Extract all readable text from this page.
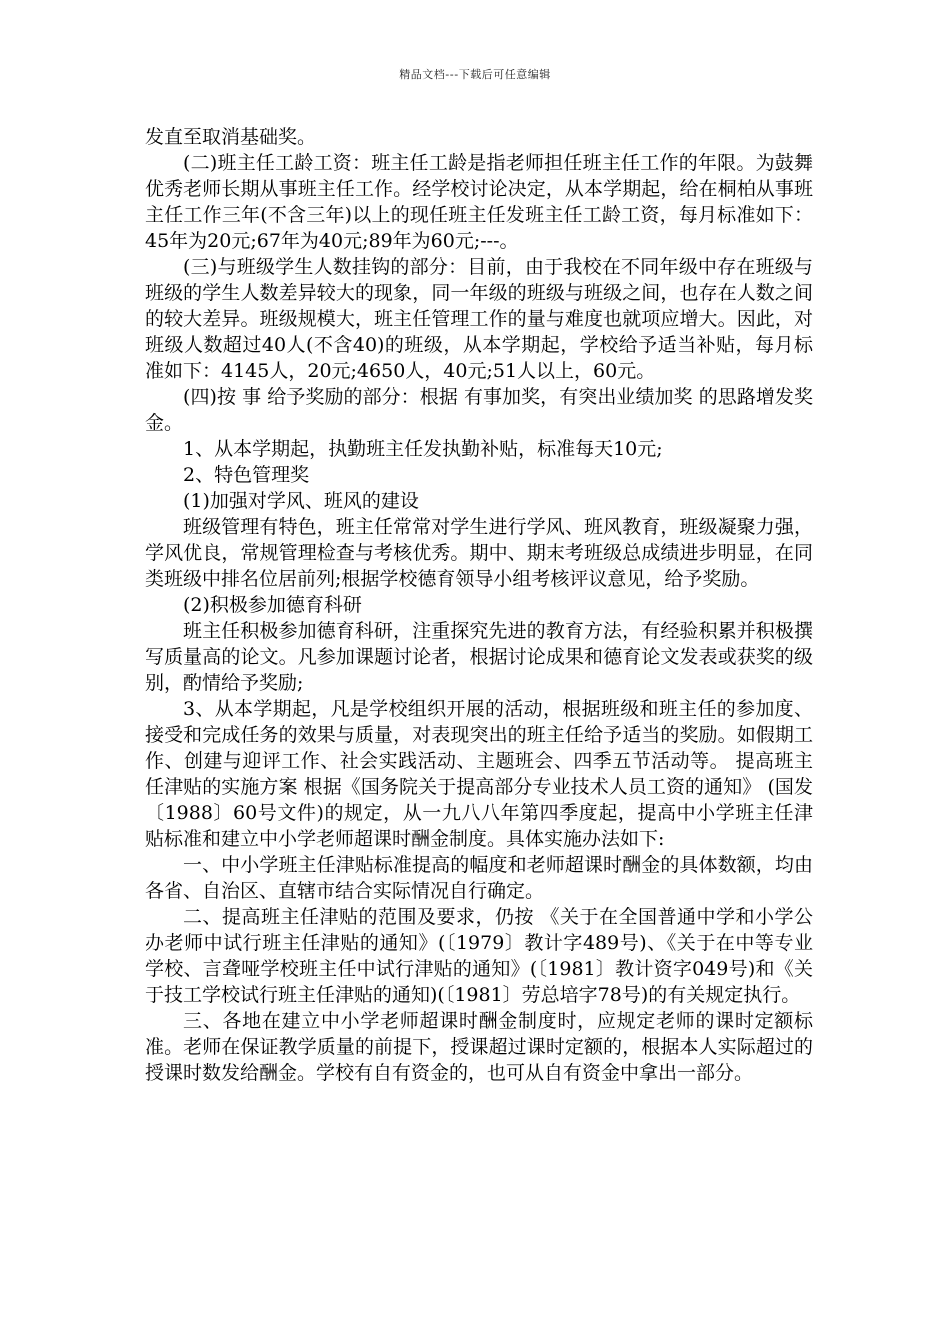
精品文档---下载后可任意编辑

发直至取消基础奖。

(二)班主任工龄工资：班主任工龄是指老师担任班主任工作的年限。为鼓舞优秀老师长期从事班主任工作。经学校讨论决定，从本学期起，给在桐柏从事班主任工作三年(不含三年)以上的现任班主任发班主任工龄工资，每月标准如下：45年为20元;67年为40元;89年为60元;---。

(三)与班级学生人数挂钩的部分：目前，由于我校在不同年级中存在班级与班级的学生人数差异较大的现象，同一年级的班级与班级之间，也存在人数之间的较大差异。班级规模大，班主任管理工作的量与难度也就项应增大。因此，对班级人数超过40人(不含40)的班级，从本学期起，学校给予适当补贴，每月标准如下：4145人，20元;4650人，40元;51人以上，60元。

(四)按 事 给予奖励的部分：根据 有事加奖，有突出业绩加奖 的思路增发奖金。

1、从本学期起，执勤班主任发执勤补贴，标准每天10元;

2、特色管理奖

(1)加强对学风、班风的建设

班级管理有特色，班主任常常对学生进行学风、班风教育，班级凝聚力强，学风优良，常规管理检查与考核优秀。期中、期末考班级总成绩进步明显，在同类班级中排名位居前列;根据学校德育领导小组考核评议意见，给予奖励。

(2)积极参加德育科研

班主任积极参加德育科研，注重探究先进的教育方法，有经验积累并积极撰写质量高的论文。凡参加课题讨论者，根据讨论成果和德育论文发表或获奖的级别，酌情给予奖励;

3、从本学期起，凡是学校组织开展的活动，根据班级和班主任的参加度、接受和完成任务的效果与质量，对表现突出的班主任给予适当的奖励。如假期工作、创建与迎评工作、社会实践活动、主题班会、四季五节活动等。 提高班主任津贴的实施方案 根据《国务院关于提高部分专业技术人员工资的通知》 (国发〔1988〕60号文件)的规定，从一九八八年第四季度起，提高中小学班主任津贴标准和建立中小学老师超课时酬金制度。具体实施办法如下:

一、中小学班主任津贴标准提高的幅度和老师超课时酬金的具体数额，均由各省、自治区、直辖市结合实际情况自行确定。

二、提高班主任津贴的范围及要求，仍按 《关于在全国普通中学和小学公办老师中试行班主任津贴的通知》(〔1979〕教计字489号)、《关于在中等专业学校、言聋哑学校班主任中试行津贴的通知》(〔1981〕教计资字049号)和《关于技工学校试行班主任津贴的通知)(〔1981〕劳总培字78号)的有关规定执行。

三、各地在建立中小学老师超课时酬金制度时，应规定老师的课时定额标准。老师在保证教学质量的前提下，授课超过课时定额的，根据本人实际超过的授课时数发给酬金。学校有自有资金的，也可从自有资金中拿出一部分。
